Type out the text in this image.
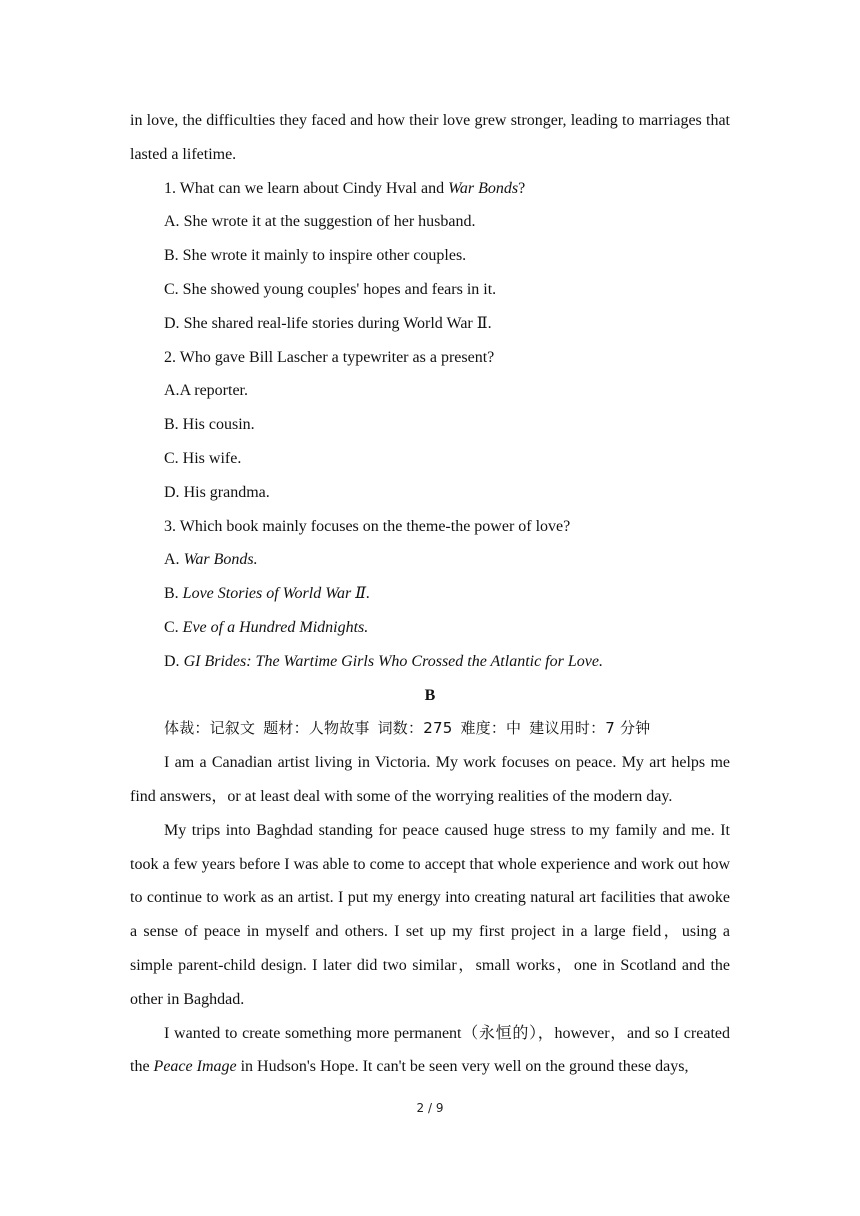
in love, the difficulties they faced and how their love grew stronger, leading to marriages that lasted a lifetime.

1. What can we learn about Cindy Hval and War Bonds?

A. She wrote it at the suggestion of her husband.

B. She wrote it mainly to inspire other couples.

C. She showed young couples' hopes and fears in it.

D. She shared real-life stories during World War Ⅱ.

2. Who gave Bill Lascher a typewriter as a present?

A.A reporter.

B. His cousin.

C. His wife.

D. His grandma.

3. Which book mainly focuses on the theme-the power of love?

A. War Bonds.

B. Love Stories of World War Ⅱ.

C. Eve of a Hundred Midnights.

D. GI Brides: The Wartime Girls Who Crossed the Atlantic for Love.

B

体裁：记叙文 题材：人物故事 词数：275 难度：中 建议用时：7 分钟

I am a Canadian artist living in Victoria. My work focuses on peace. My art helps me find answers，or at least deal with some of the worrying realities of the modern day.

My trips into Baghdad standing for peace caused huge stress to my family and me. It took a few years before I was able to come to accept that whole experience and work out how to continue to work as an artist. I put my energy into creating natural art facilities that awoke a sense of peace in myself and others. I set up my first project in a large field，using a simple parent-child design. I later did two similar，small works，one in Scotland and the other in Baghdad.

I wanted to create something more permanent（永恒的），however，and so I created the Peace Image in Hudson's Hope. It can't be seen very well on the ground these days,

2 / 9
